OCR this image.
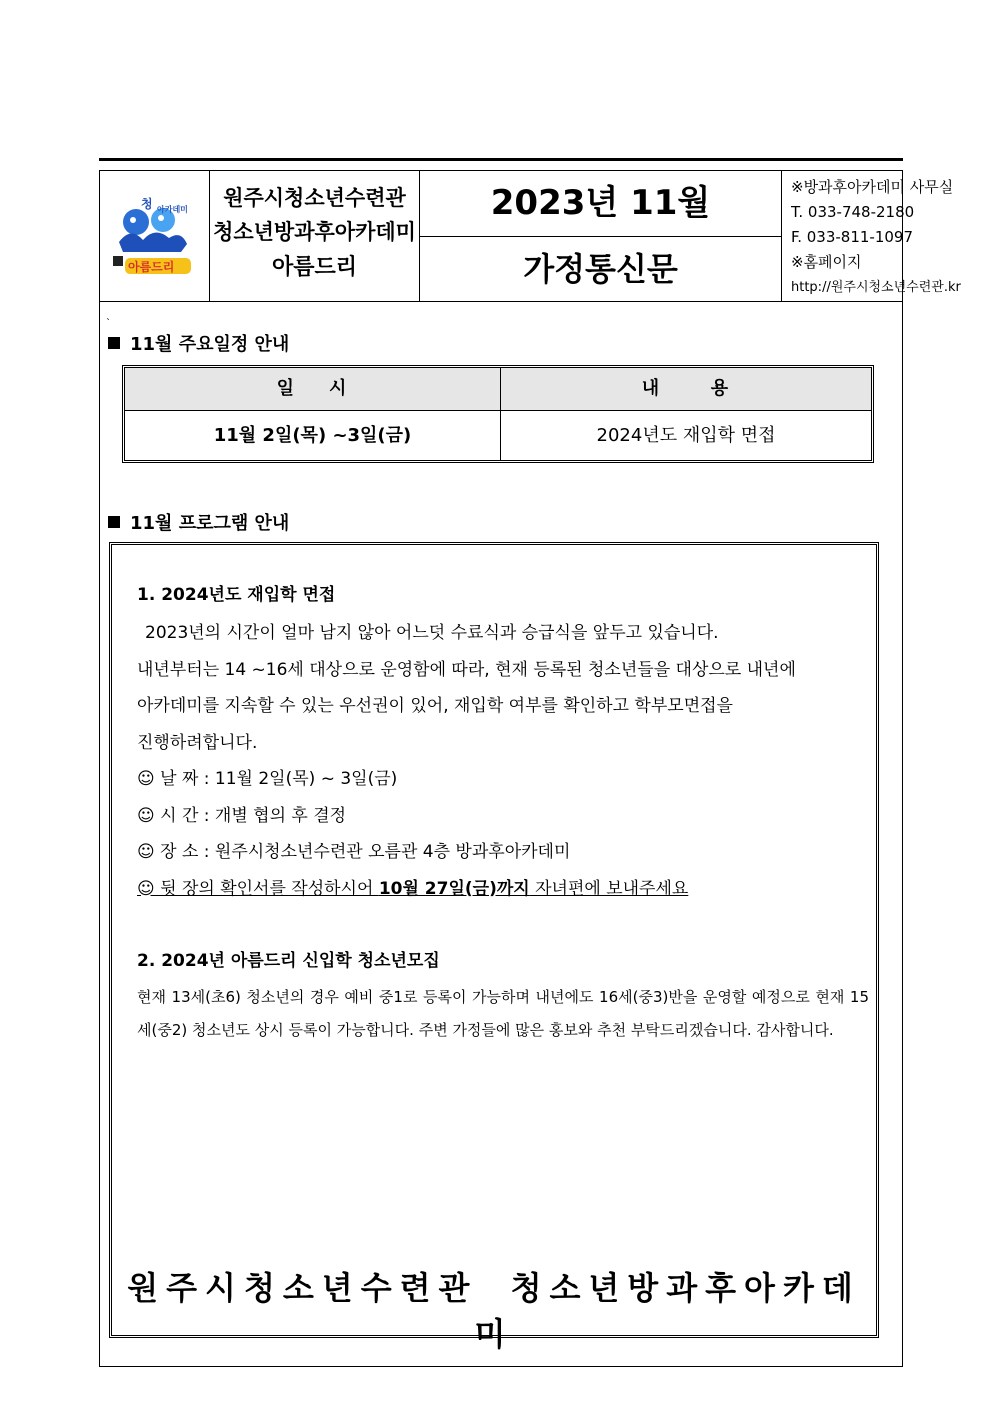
청 아카데미
아름드리
원주시청소년수련관
청소년방과후아카데미
아름드리
2023년 11월
가정통신문
※방과후아카데미 사무실
T. 033-748-2180
F. 033-811-1097
※홈페이지
http://원주시청소년수련관.kr
`
11월 주요일정 안내
일    시	내      용
11월 2일(목) ~3일(금)	2024년도 재입학 면접
11월 프로그램 안내
1. 2024년도 재입학 면접
2023년의 시간이 얼마 남지 않아 어느덧 수료식과 승급식을 앞두고 있습니다.
내년부터는 14 ~16세 대상으로 운영함에 따라, 현재 등록된 청소년들을 대상으로 내년에
아카데미를 지속할 수 있는 우선권이 있어, 재입학 여부를 확인하고 학부모면접을
진행하려합니다.
☺ 날 짜 : 11월 2일(목) ~ 3일(금)
☺ 시 간 : 개별 협의 후 결정
☺ 장 소 : 원주시청소년수련관 오름관 4층 방과후아카데미
☺ 뒷 장의 확인서를 작성하시어 10월 27일(금)까지 자녀편에 보내주세요
2. 2024년 아름드리 신입학 청소년모집
현재 13세(초6) 청소년의 경우 예비 중1로 등록이 가능하며 내년에도 16세(중3)반을 운영할 예정으로 현재 15세(중2) 청소년도 상시 등록이 가능합니다. 주변 가정들에 많은 홍보와 추천 부탁드리겠습니다. 감사합니다.
원주시청소년수련관 청소년방과후아카데미
